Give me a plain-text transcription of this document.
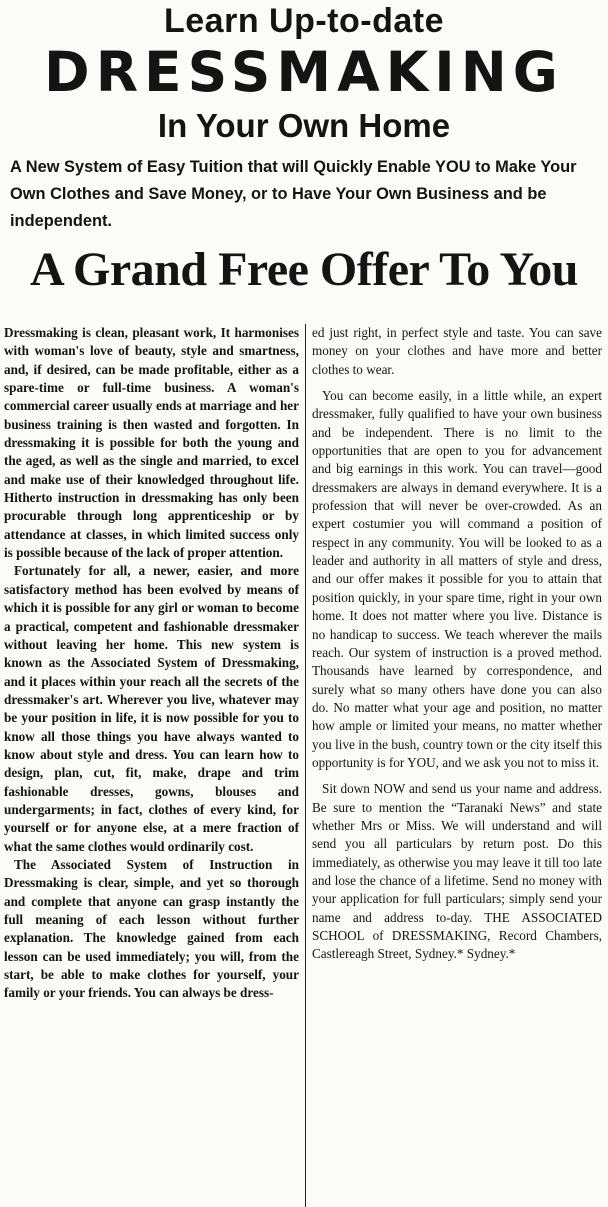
Learn Up-to-date
DRESSMAKING
In Your Own Home
A New System of Easy Tuition that will Quickly Enable YOU to Make Your Own Clothes and Save Money, or to Have Your Own Business and be independent.
A Grand Free Offer To You

Dressmaking is clean, pleasant work, It harmonises with woman's love of beauty, style and smartness, and, if desired, can be made profitable, either as a spare-time or full-time business. A woman's commercial career usually ends at marriage and her business training is then wasted and forgotten. In dressmaking it is possible for both the young and the aged, as well as the single and married, to excel and make use of their knowledged throughout life. Hitherto instruction in dressmaking has only been procurable through long apprenticeship or by attendance at classes, in which limited success only is possible because of the lack of proper attention.

Fortunately for all, a newer, easier, and more satisfactory method has been evolved by means of which it is possible for any girl or woman to become a practical, competent and fashionable dressmaker without leaving her home. This new system is known as the Associated System of Dressmaking, and it places within your reach all the secrets of the dressmaker's art. Wherever you live, whatever may be your position in life, it is now possible for you to know all those things you have always wanted to know about style and dress. You can learn how to design, plan, cut, fit, make, drape and trim fashionable dresses, gowns, blouses and undergarments; in fact, clothes of every kind, for yourself or for anyone else, at a mere fraction of what the same clothes would ordinarily cost.

The Associated System of Instruction in Dressmaking is clear, simple, and yet so thorough and complete that anyone can grasp instantly the full meaning of each lesson without further explanation. The knowledge gained from each lesson can be used immediately; you will, from the start, be able to make clothes for yourself, your family or your friends. You can always be dress-

ed just right, in perfect style and taste. You can save money on your clothes and have more and better clothes to wear.

You can become easily, in a little while, an expert dressmaker, fully qualified to have your own business and be independent. There is no limit to the opportunities that are open to you for advancement and big earnings in this work. You can travel—good dressmakers are always in demand everywhere. It is a profession that will never be over-crowded. As an expert costumier you will command a position of respect in any community. You will be looked to as a leader and authority in all matters of style and dress, and our offer makes it possible for you to attain that position quickly, in your spare time, right in your own home. It does not matter where you live. Distance is no handicap to success. We teach wherever the mails reach. Our system of instruction is a proved method. Thousands have learned by correspondence, and surely what so many others have done you can also do. No matter what your age and position, no matter how ample or limited your means, no matter whether you live in the bush, country town or the city itself this opportunity is for YOU, and we ask you not to miss it.

Sit down NOW and send us your name and address. Be sure to mention the “Taranaki News” and state whether Mrs or Miss. We will understand and will send you all particulars by return post. Do this immediately, as otherwise you may leave it till too late and lose the chance of a lifetime. Send no money with your application for full particulars; simply send your name and address to-day. THE ASSOCIATED SCHOOL of DRESSMAKING, Record Chambers, Castlereagh Street, Sydney.* Sydney.*
